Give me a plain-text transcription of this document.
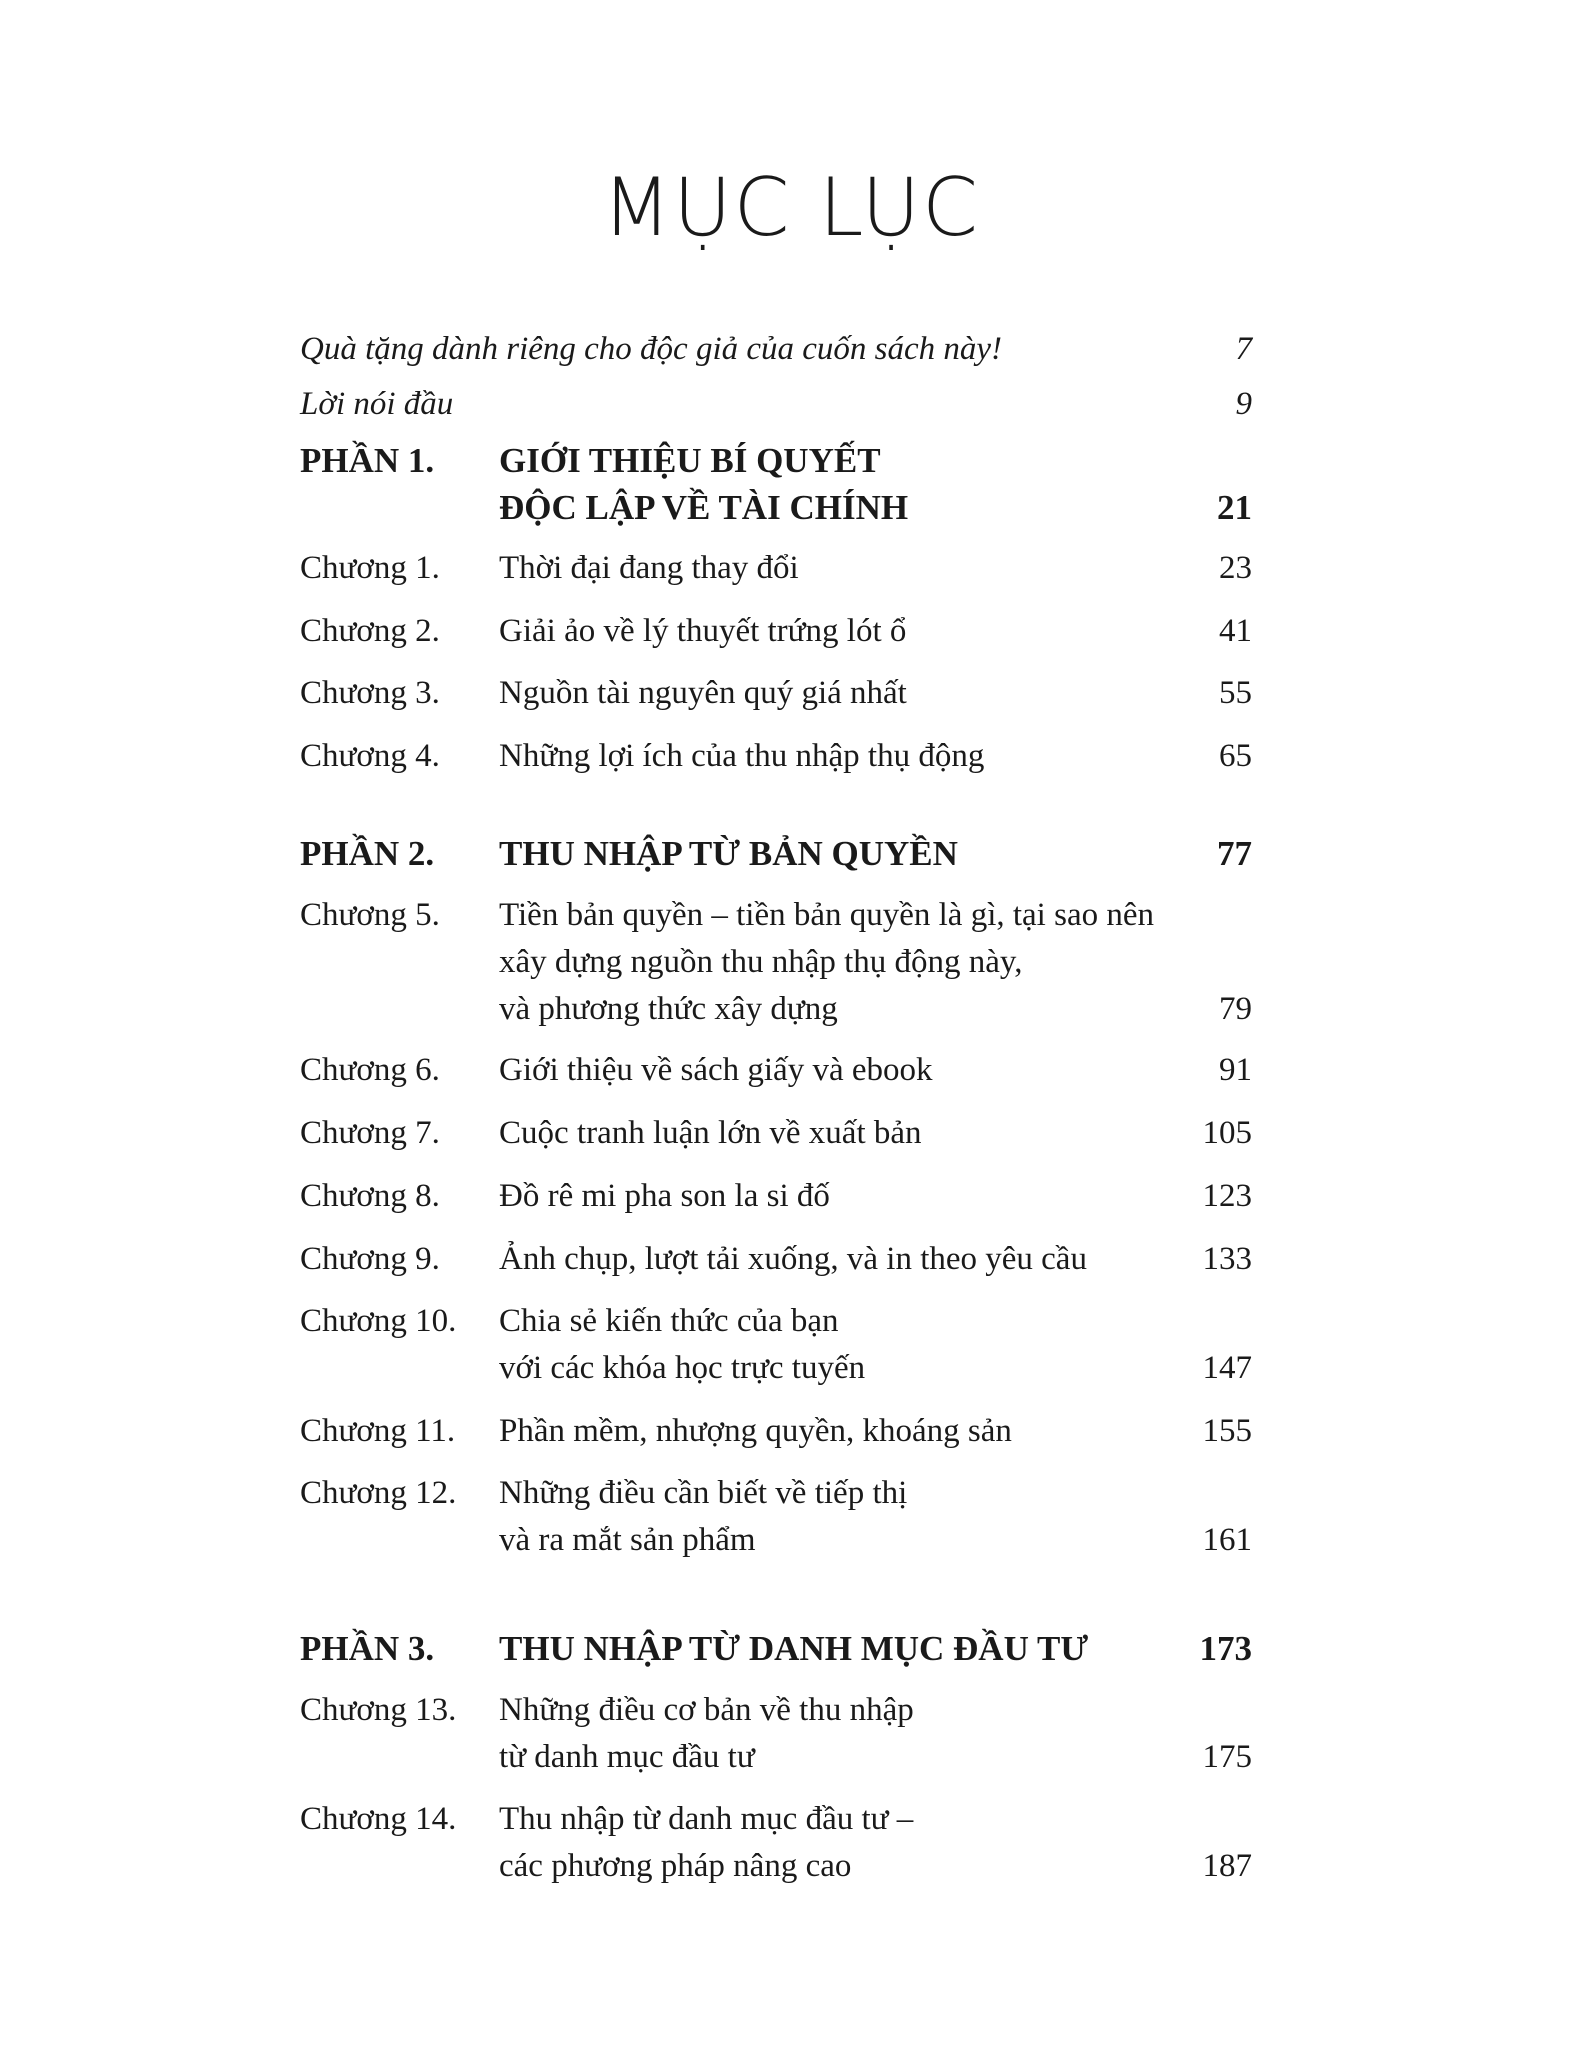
MỤC LỤC
Quà tặng dành riêng cho độc giả của cuốn sách này!	7
Lời nói đầu	9
PHẦN 1. GIỚI THIỆU BÍ QUYẾT
ĐỘC LẬP VỀ TÀI CHÍNH	21
Chương 1. Thời đại đang thay đổi	23
Chương 2. Giải ảo về lý thuyết trứng lót ổ	41
Chương 3. Nguồn tài nguyên quý giá nhất	55
Chương 4. Những lợi ích của thu nhập thụ động	65
PHẦN 2. THU NHẬP TỪ BẢN QUYỀN	77
Chương 5. Tiền bản quyền – tiền bản quyền là gì, tại sao nên
xây dựng nguồn thu nhập thụ động này,
và phương thức xây dựng	79
Chương 6. Giới thiệu về sách giấy và ebook	91
Chương 7. Cuộc tranh luận lớn về xuất bản	105
Chương 8. Đồ rê mi pha son la si đố	123
Chương 9. Ảnh chụp, lượt tải xuống, và in theo yêu cầu	133
Chương 10. Chia sẻ kiến thức của bạn
với các khóa học trực tuyến	147
Chương 11. Phần mềm, nhượng quyền, khoáng sản	155
Chương 12. Những điều cần biết về tiếp thị
và ra mắt sản phẩm	161
PHẦN 3. THU NHẬP TỪ DANH MỤC ĐẦU TƯ	173
Chương 13. Những điều cơ bản về thu nhập
từ danh mục đầu tư	175
Chương 14. Thu nhập từ danh mục đầu tư –
các phương pháp nâng cao	187
